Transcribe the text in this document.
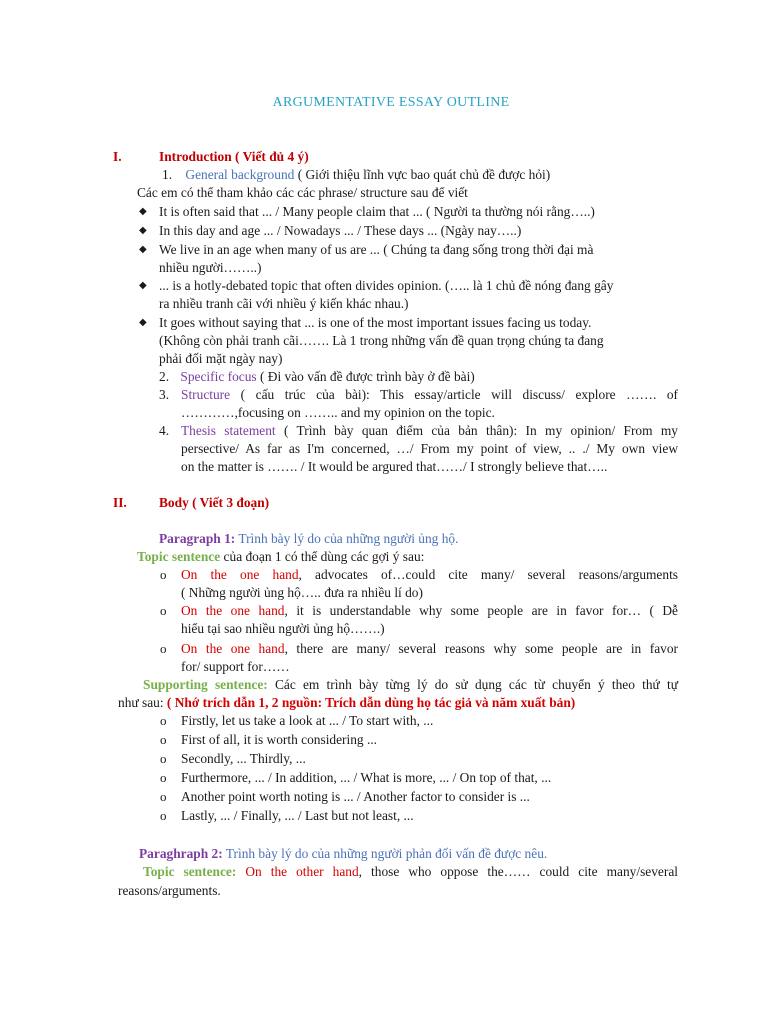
ARGUMENTATIVE ESSAY OUTLINE
I.	Introduction ( Viết đủ 4 ý)
1. General background ( Giới thiệu lĩnh vực bao quát chủ đề được hỏi)
Các em có thể tham khảo các các phrase/ structure sau để viết
◆ It is often said that ... / Many people claim that ... ( Người ta thường nói rằng…..)
◆ In this day and age ... / Nowadays ... / These days ... (Ngày nay…..)
◆ We live in an age when many of us are ... ( Chúng ta đang sống trong thời đại mà
nhiều người……..)
◆ ... is a hotly-debated topic that often divides opinion. (….. là 1 chủ đề nóng đang gây
ra nhiều tranh cãi với nhiều ý kiến khác nhau.)
◆ It goes without saying that ... is one of the most important issues facing us today.
(Không còn phải tranh cãi……. Là 1 trong những vấn đề quan trọng chúng ta đang
phải đối mặt ngày nay)
2. Specific focus ( Đi vào vấn đề được trình bày ở đề bài)
3. Structure ( cấu trúc của bài): This essay/article will discuss/ explore ……. of
…………,focusing on …….. and my opinion on the topic.
4. Thesis statement ( Trình bày quan điểm của bản thân): In my opinion/ From my
persective/ As far as I'm concerned, …/ From my point of view, .. ./ My own view
on the matter is ……. / It would be argured that……/ I strongly believe that…..
II. Body ( Viết 3 đoạn)
Paragraph 1: Trình bày lý do của những người ủng hộ.
Topic sentence của đoạn 1 có thể dùng các gợi ý sau:
o On the one hand, advocates of…could cite many/ several reasons/arguments
( Những người ủng hộ….. đưa ra nhiều lí do)
o On the one hand, it is understandable why some people are in favor for… ( Dễ
hiểu tại sao nhiều người ủng hộ…….)
o On the one hand, there are many/ several reasons why some people are in favor
for/ support for……
Supporting sentence: Các em trình bày từng lý do sử dụng các từ chuyển ý theo thứ tự
như sau: ( Nhớ trích dẫn 1, 2 nguồn: Trích dẫn dùng họ tác giả và năm xuất bản)
o Firstly, let us take a look at ... / To start with, ...
o First of all, it is worth considering ...
o Secondly, ... Thirdly, ...
o Furthermore, ... / In addition, ... / What is more, ... / On top of that, ...
o Another point worth noting is ... / Another factor to consider is ...
o Lastly, ... / Finally, ... / Last but not least, ...
Paraghraph 2: Trình bày lý do của những người phản đối vấn đề được nêu.
Topic sentence: On the other hand, those who oppose the…… could cite many/several
reasons/arguments.
